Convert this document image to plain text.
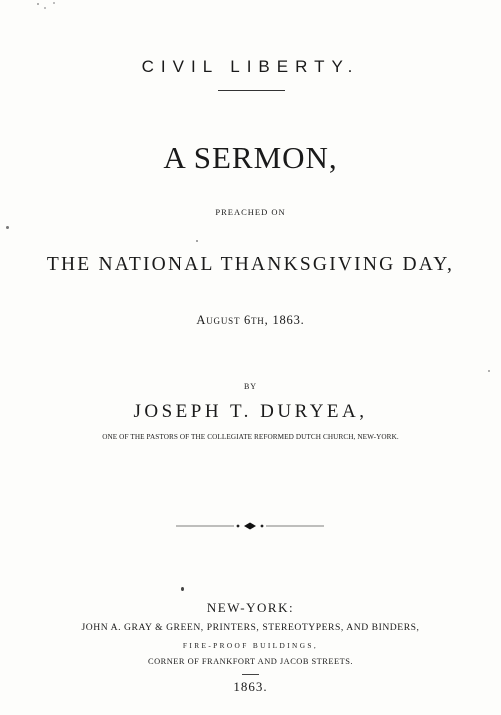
CIVIL LIBERTY.
A SERMON,
PREACHED ON
THE NATIONAL THANKSGIVING DAY,
AUGUST 6TH, 1863.
BY
JOSEPH T. DURYEA,
ONE OF THE PASTORS OF THE COLLEGIATE REFORMED DUTCH CHURCH, NEW-YORK.
NEW-YORK:
JOHN A. GRAY & GREEN, PRINTERS, STEREOTYPERS, AND BINDERS,
FIRE-PROOF BUILDINGS,
CORNER OF FRANKFORT AND JACOB STREETS.
1863.
